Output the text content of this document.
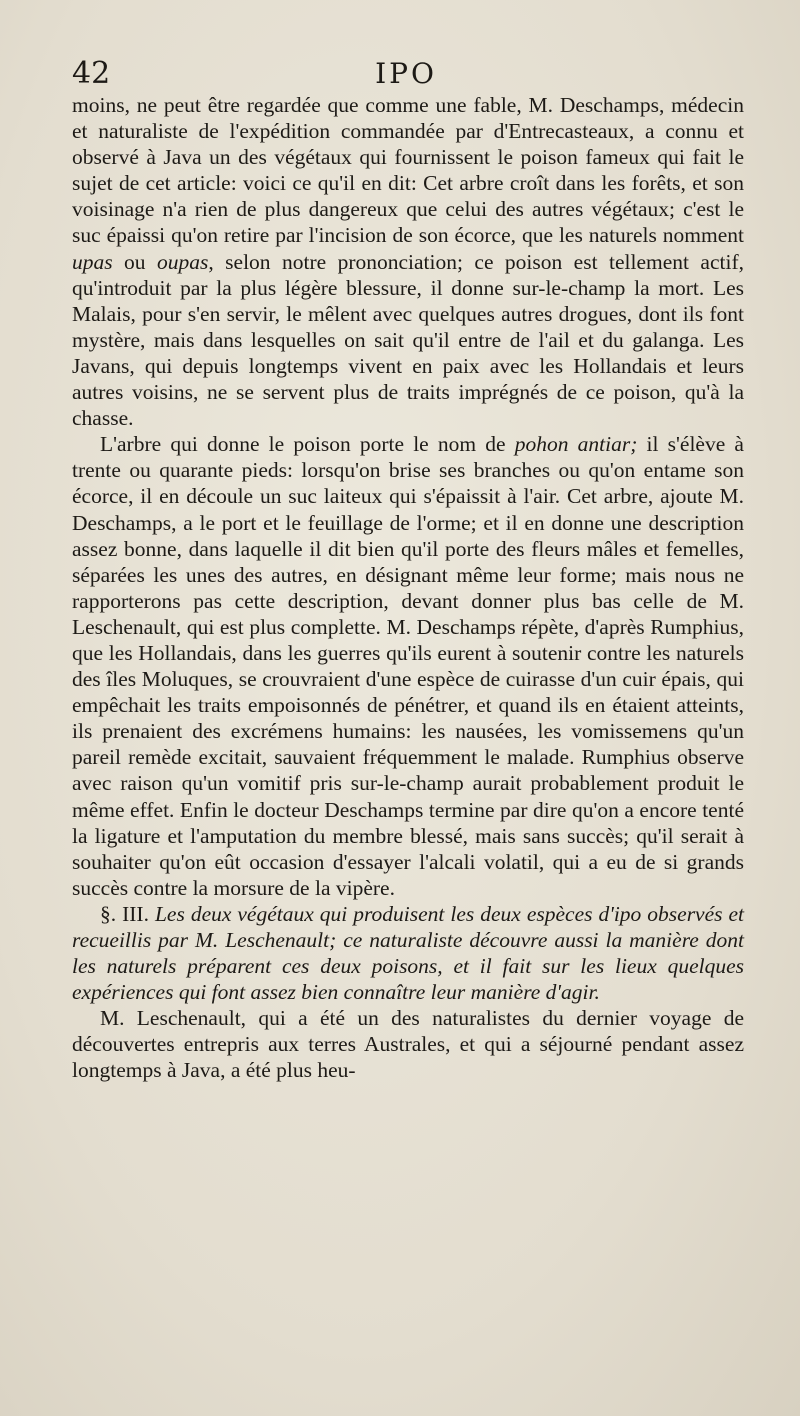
42	IPO

moins, ne peut être regardée que comme une fable, M. Deschamps, médecin et naturaliste de l'expédition commandée par d'Entrecasteaux, a connu et observé à Java un des végétaux qui fournissent le poison fameux qui fait le sujet de cet article: voici ce qu'il en dit: Cet arbre croît dans les forêts, et son voisinage n'a rien de plus dangereux que celui des autres végétaux; c'est le suc épaissi qu'on retire par l'incision de son écorce, que les naturels nomment upas ou oupas, selon notre prononciation; ce poison est tellement actif, qu'introduit par la plus légère blessure, il donne sur-le-champ la mort. Les Malais, pour s'en servir, le mêlent avec quelques autres drogues, dont ils font mystère, mais dans lesquelles on sait qu'il entre de l'ail et du galanga. Les Javans, qui depuis longtemps vivent en paix avec les Hollandais et leurs autres voisins, ne se servent plus de traits imprégnés de ce poison, qu'à la chasse.

L'arbre qui donne le poison porte le nom de pohon antiar; il s'élève à trente ou quarante pieds: lorsqu'on brise ses branches ou qu'on entame son écorce, il en découle un suc laiteux qui s'épaissit à l'air. Cet arbre, ajoute M. Deschamps, a le port et le feuillage de l'orme; et il en donne une description assez bonne, dans laquelle il dit bien qu'il porte des fleurs mâles et femelles, séparées les unes des autres, en désignant même leur forme; mais nous ne rapporterons pas cette description, devant donner plus bas celle de M. Leschenault, qui est plus complette. M. Deschamps répète, d'après Rumphius, que les Hollandais, dans les guerres qu'ils eurent à soutenir contre les naturels des îles Moluques, se crouvraient d'une espèce de cuirasse d'un cuir épais, qui empêchait les traits empoisonnés de pénétrer, et quand ils en étaient atteints, ils prenaient des excrémens humains: les nausées, les vomissemens qu'un pareil remède excitait, sauvaient fréquemment le malade. Rumphius observe avec raison qu'un vomitif pris sur-le-champ aurait probablement produit le même effet. Enfin le docteur Deschamps termine par dire qu'on a encore tenté la ligature et l'amputation du membre blessé, mais sans succès; qu'il serait à souhaiter qu'on eût occasion d'essayer l'alcali volatil, qui a eu de si grands succès contre la morsure de la vipère.

§. III. Les deux végétaux qui produisent les deux espèces d'ipo observés et recueillis par M. Leschenault; ce naturaliste découvre aussi la manière dont les naturels préparent ces deux poisons, et il fait sur les lieux quelques expériences qui font assez bien connaître leur manière d'agir.

M. Leschenault, qui a été un des naturalistes du dernier voyage de découvertes entrepris aux terres Australes, et qui a séjourné pendant assez longtemps à Java, a été plus heu-
